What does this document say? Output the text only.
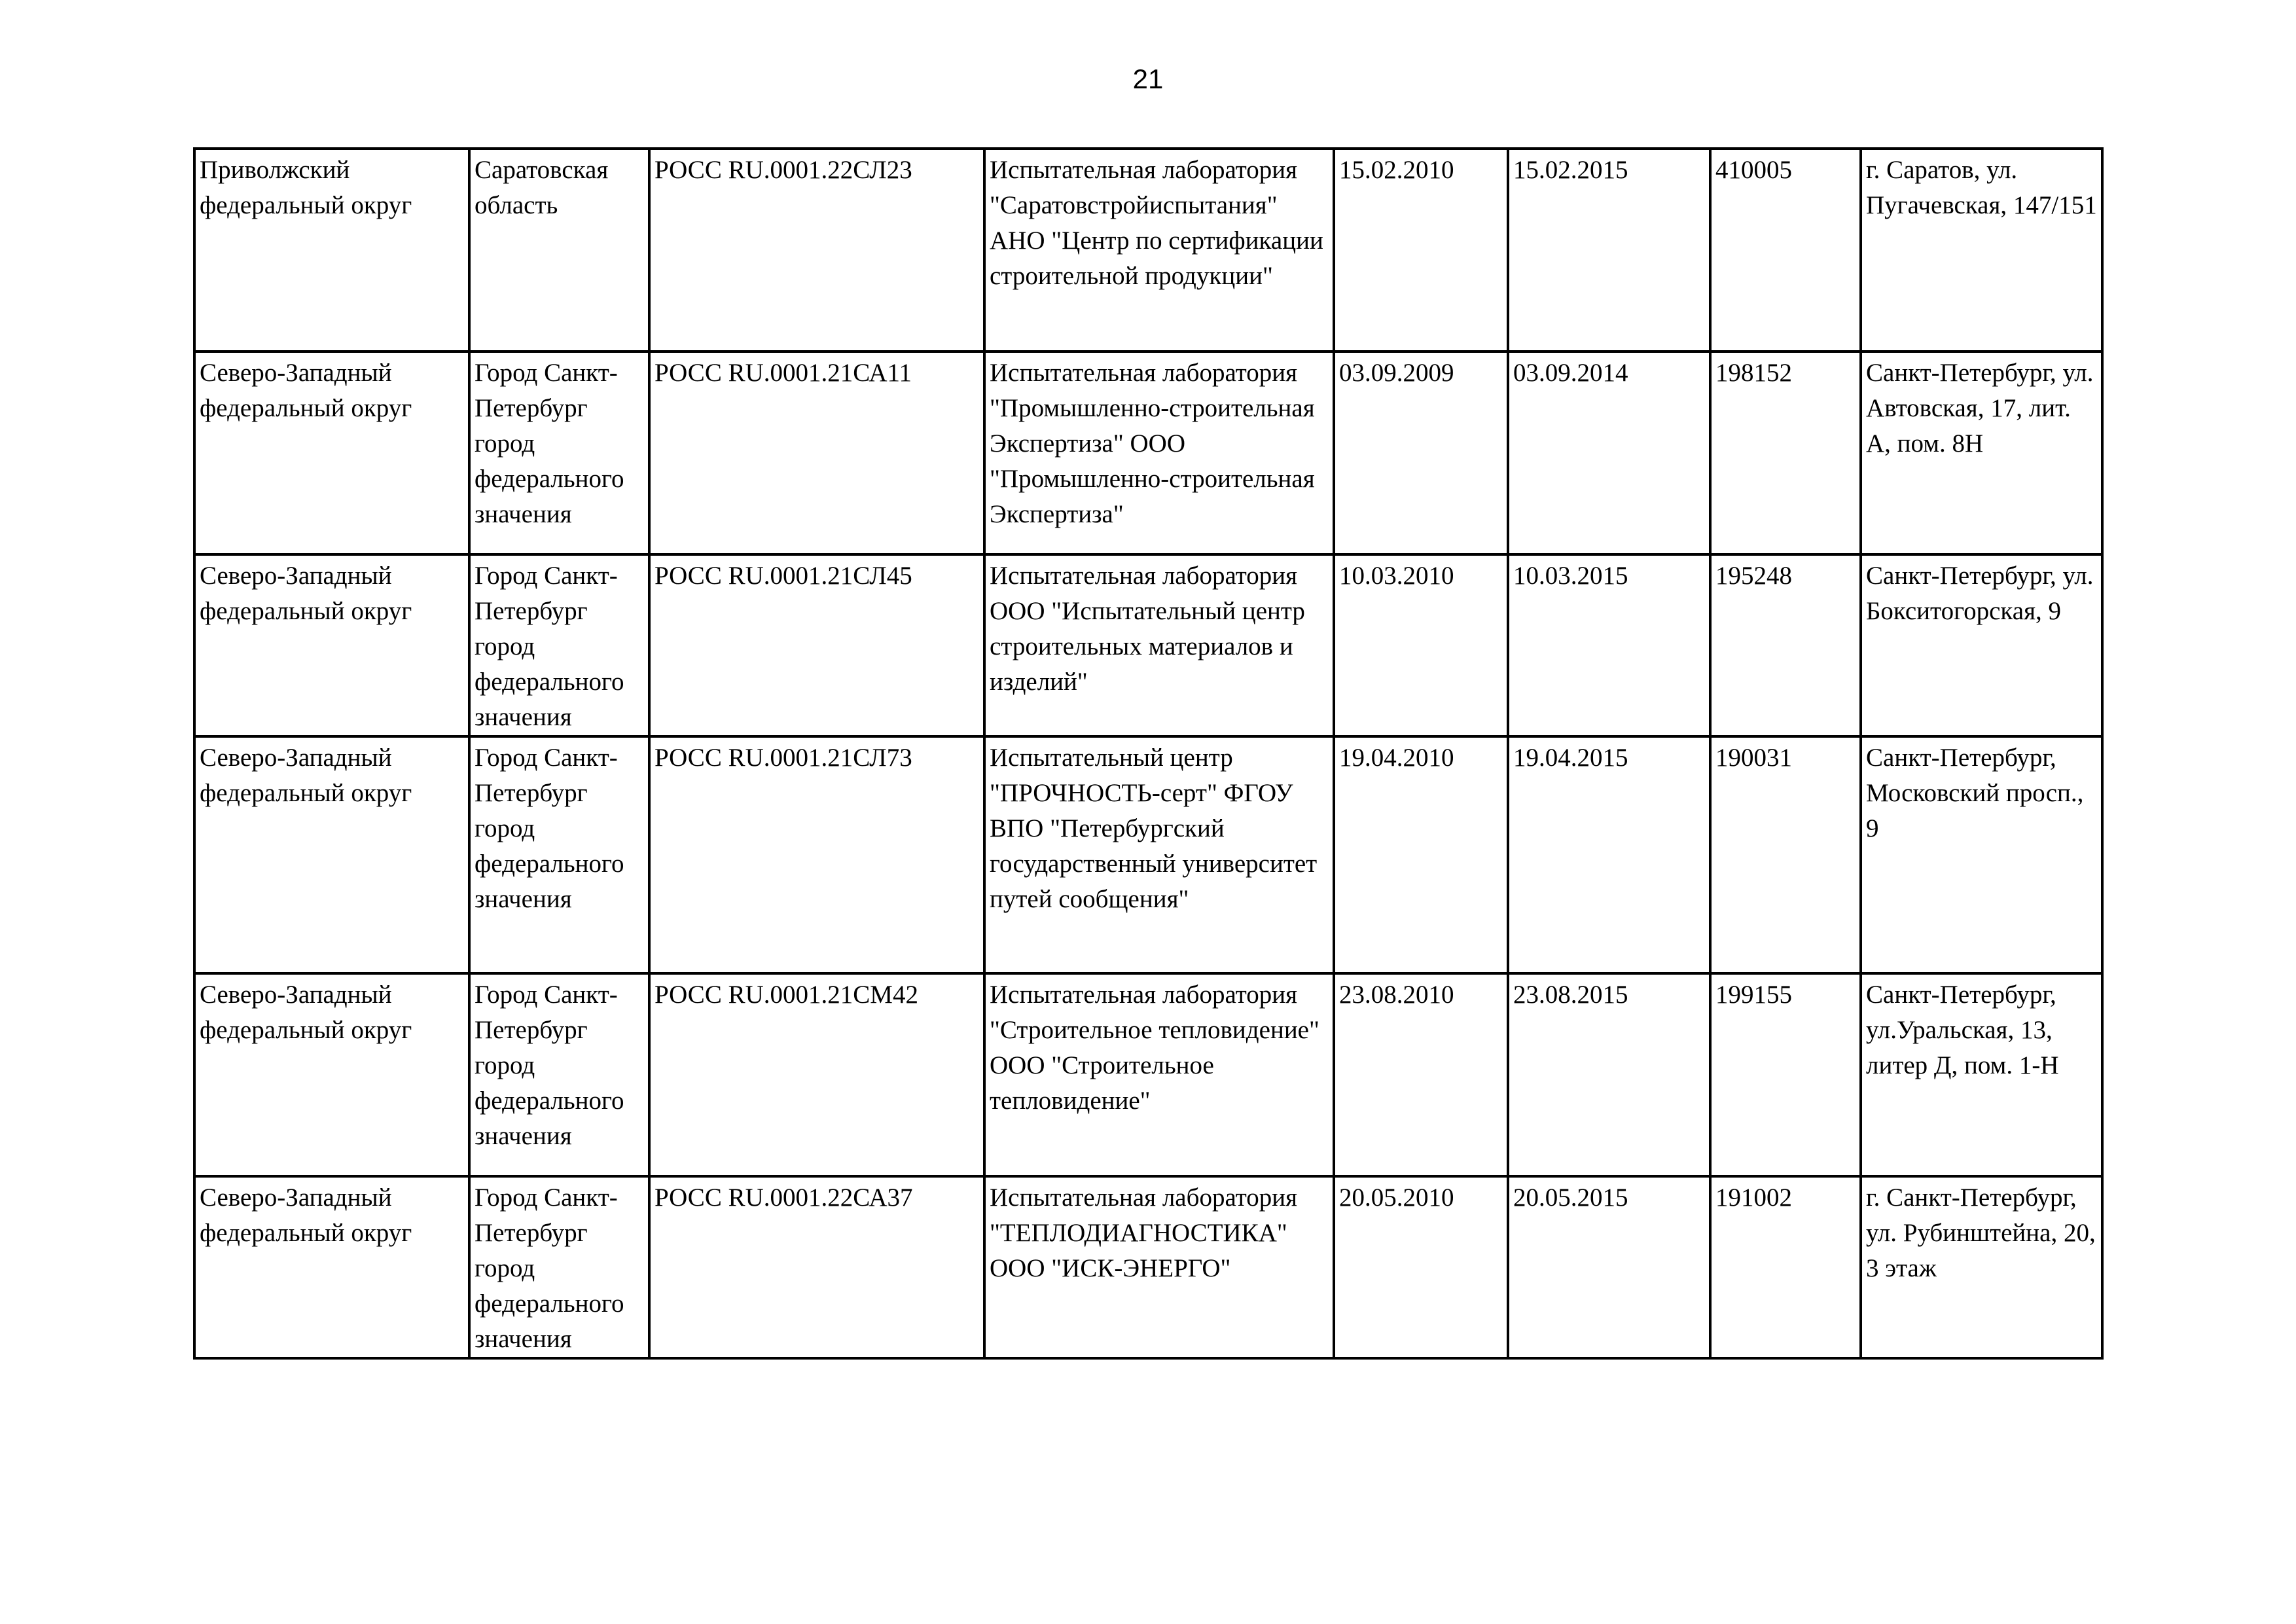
21
Приволжский федеральный округ	Саратовская область	РОСС RU.0001.22СЛ23	Испытательная лаборатория "Саратовстройиспытания" АНО "Центр по сертификации строительной продукции"	15.02.2010	15.02.2015	410005	г. Саратов, ул. Пугачевская, 147/151
Северо-Западный федеральный округ	Город Санкт-Петербург город федерального значения	РОСС RU.0001.21СА11	Испытательная лаборатория "Промышленно-строительная Экспертиза" ООО "Промышленно-строительная Экспертиза"	03.09.2009	03.09.2014	198152	Санкт-Петербург, ул. Автовская, 17, лит. А, пом. 8Н
Северо-Западный федеральный округ	Город Санкт-Петербург город федерального значения	РОСС RU.0001.21СЛ45	Испытательная лаборатория ООО "Испытательный центр строительных материалов и изделий"	10.03.2010	10.03.2015	195248	Санкт-Петербург, ул. Бокситогорская, 9
Северо-Западный федеральный округ	Город Санкт-Петербург город федерального значения	РОСС RU.0001.21СЛ73	Испытательный центр "ПРОЧНОСТЬ-серт" ФГОУ ВПО "Петербургский государственный университет путей сообщения"	19.04.2010	19.04.2015	190031	Санкт-Петербург, Московский просп., 9
Северо-Западный федеральный округ	Город Санкт-Петербург город федерального значения	РОСС RU.0001.21СМ42	Испытательная лаборатория "Строительное тепловидение" ООО "Строительное тепловидение"	23.08.2010	23.08.2015	199155	Санкт-Петербург, ул.Уральская, 13, литер Д, пом. 1-Н
Северо-Западный федеральный округ	Город Санкт-Петербург город федерального значения	РОСС RU.0001.22СА37	Испытательная лаборатория "ТЕПЛОДИАГНОСТИКА" ООО "ИСК-ЭНЕРГО"	20.05.2010	20.05.2015	191002	г. Санкт-Петербург, ул. Рубинштейна, 20, 3 этаж
